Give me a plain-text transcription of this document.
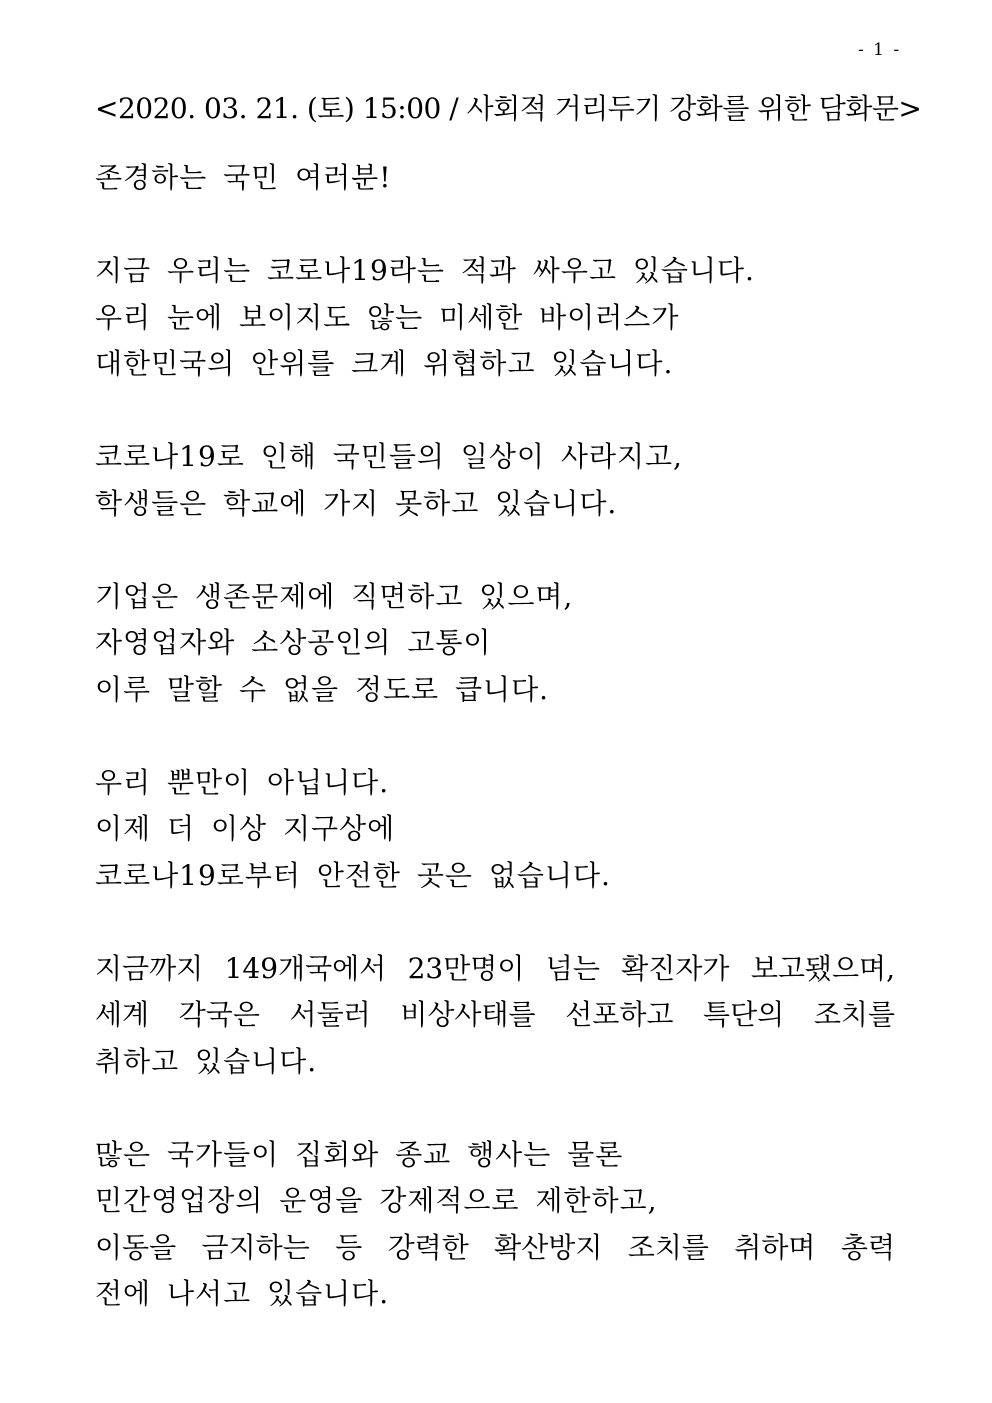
- 1 -
<2020. 03. 21. (토) 15:00 / 사회적 거리두기 강화를 위한 담화문>
존경하는 국민 여러분!
지금 우리는 코로나19라는 적과 싸우고 있습니다.
우리 눈에 보이지도 않는 미세한 바이러스가
대한민국의 안위를 크게 위협하고 있습니다.
코로나19로 인해 국민들의 일상이 사라지고,
학생들은 학교에 가지 못하고 있습니다.
기업은 생존문제에 직면하고 있으며,
자영업자와 소상공인의 고통이
이루 말할 수 없을 정도로 큽니다.
우리 뿐만이 아닙니다.
이제 더 이상 지구상에
코로나19로부터 안전한 곳은 없습니다.
지금까지 149개국에서 23만명이 넘는 확진자가 보고됐으며,
세계 각국은 서둘러 비상사태를 선포하고 특단의 조치를
취하고 있습니다.
많은 국가들이 집회와 종교 행사는 물론
민간영업장의 운영을 강제적으로 제한하고,
이동을 금지하는 등 강력한 확산방지 조치를 취하며 총력
전에 나서고 있습니다.
